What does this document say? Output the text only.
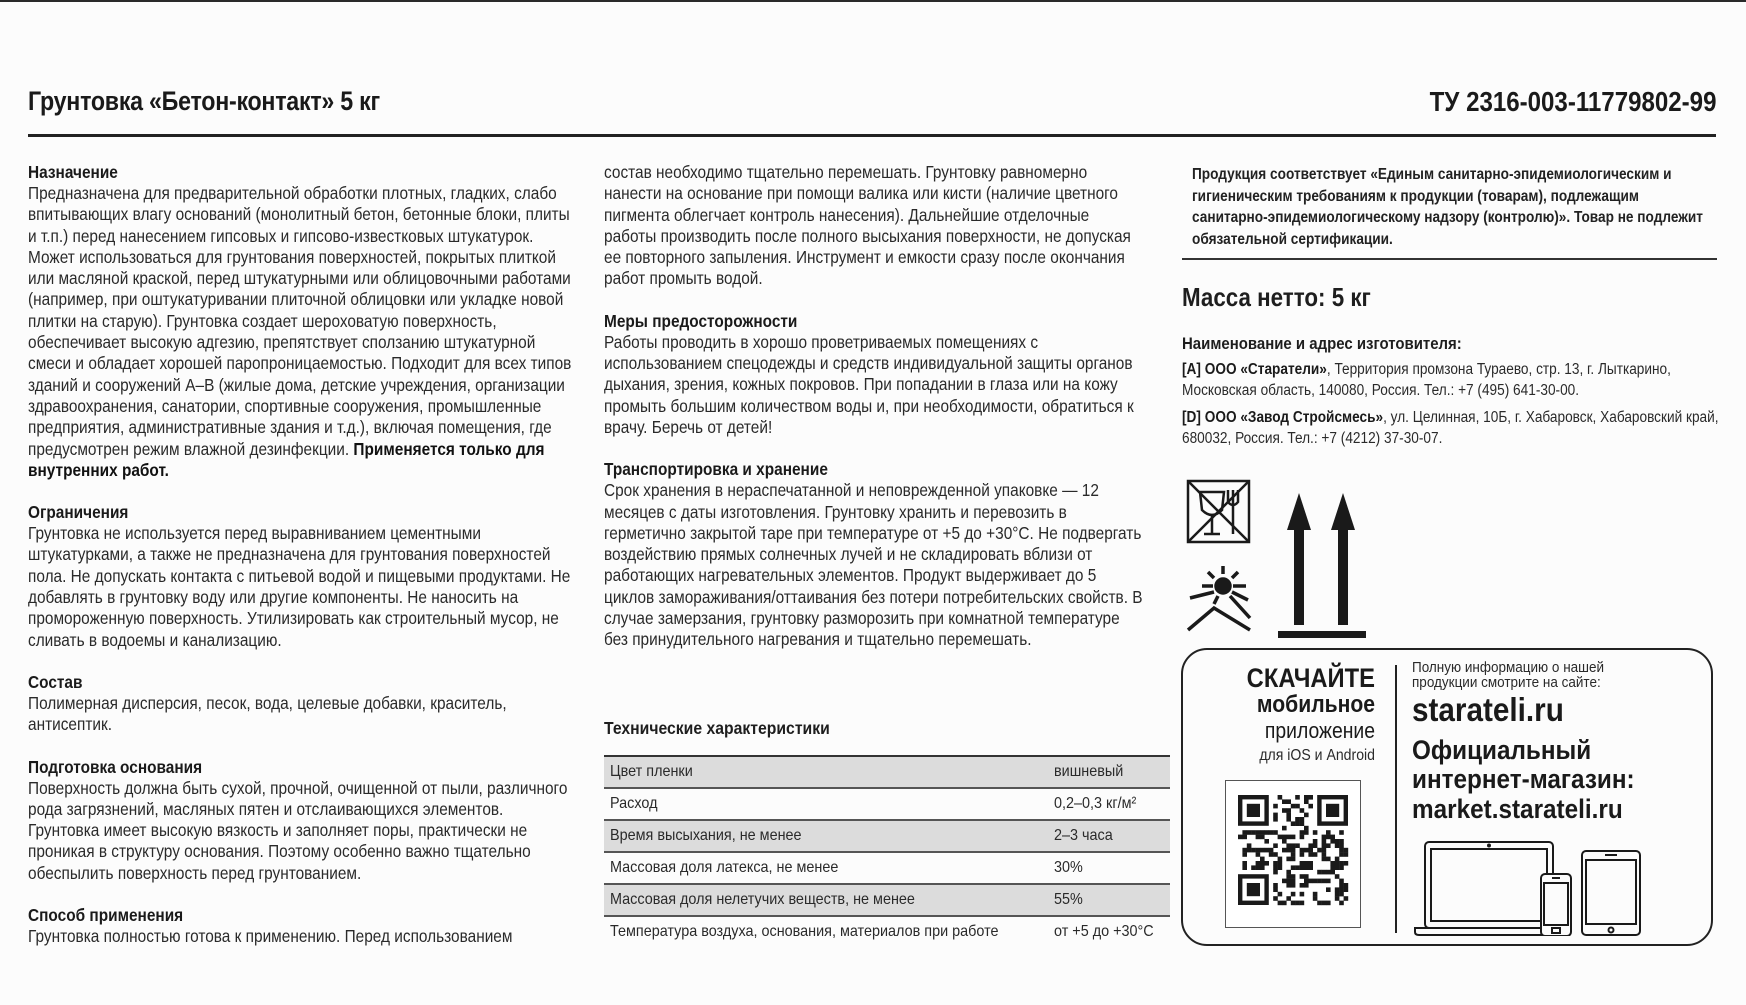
Грунтовка «Бетон-контакт» 5 кг	ТУ 2316-003-11779802-99
Назначение

Предназначена для предварительной обработки плотных, гладких, слабо впитывающих влагу оснований (монолитный бетон, бетонные блоки, плиты и т.п.) перед нанесением гипсовых и гипсово-известковых штукатурок. Может использоваться для грунтования поверхностей, покрытых плиткой или масляной краской, перед штукатурными или облицовочными работами (например, при оштукатуривании плиточной облицовки или укладке новой плитки на старую). Грунтовка создает шероховатую поверхность, обеспечивает высокую адгезию, препятствует сползанию штукатурной смеси и обладает хорошей паропроницаемостью. Подходит для всех типов зданий и сооружений А–В (жилые дома, детские учреждения, организации здравоохранения, санатории, спортивные сооружения, промышленные предприятия, административные здания и т.д.), включая помещения, где предусмотрен режим влажной дезинфекции. Применяется только для внутренних работ.

Ограничения

Грунтовка не используется перед выравниванием цементными штукатурками, а также не предназначена для грунтования поверхностей пола. Не допускать контакта с питьевой водой и пищевыми продуктами. Не добавлять в грунтовку воду или другие компоненты. Не наносить на промороженную поверхность. Утилизировать как строительный мусор, не сливать в водоемы и канализацию.

Состав

Полимерная дисперсия, песок, вода, целевые добавки, краситель, антисептик.

Подготовка основания

Поверхность должна быть сухой, прочной, очищенной от пыли, различного рода загрязнений, масляных пятен и отслаивающихся элементов. Грунтовка имеет высокую вязкость и заполняет поры, практически не проникая в структуру основания. Поэтому особенно важно тщательно обеспылить поверхность перед грунтованием.

Способ применения

Грунтовка полностью готова к применению. Перед использованием

состав необходимо тщательно перемешать. Грунтовку равномерно нанести на основание при помощи валика или кисти (наличие цветного пигмента облегчает контроль нанесения). Дальнейшие отделочные работы производить после полного высыхания поверхности, не допуская ее повторного запыления. Инструмент и емкости сразу после окончания работ промыть водой.

Меры предосторожности

Работы проводить в хорошо проветриваемых помещениях с использованием спецодежды и средств индивидуальной защиты органов дыхания, зрения, кожных покровов. При попадании в глаза или на кожу промыть большим количеством воды и, при необходимости, обратиться к врачу. Беречь от детей!

Транспортировка и хранение

Срок хранения в нераспечатанной и неповрежденной упаковке — 12 месяцев с даты изготовления. Грунтовку хранить и перевозить в герметично закрытой таре при температуре от +5 до +30°С. Не подвергать воздействию прямых солнечных лучей и не складировать вблизи от работающих нагревательных элементов. Продукт выдерживает до 5 циклов замораживания/оттаивания без потери потребительских свойств. В случае замерзания, грунтовку разморозить при комнатной температуре без принудительного нагревания и тщательно перемешать.

Технические характеристики
Цвет пленки	вишневый
Расход	0,2–0,3 кг/м²
Время высыхания, не менее	2–3 часа
Массовая доля латекса, не менее	30%
Массовая доля нелетучих веществ, не менее	55%
Температура воздуха, основания, материалов при работе	от +5 до +30°С

Продукция соответствует «Единым санитарно-эпидемиологическим и гигиеническим требованиям к продукции (товарам), подлежащим санитарно-эпидемиологическому надзору (контролю)». Товар не подлежит обязательной сертификации.

Масса нетто: 5 кг
Наименование и адрес изготовителя:

[A] ООО «Старатели», Территория промзона Тураево, стр. 13, г. Лыткарино, Московская область, 140080, Россия. Тел.: +7 (495) 641-30-00.

[D] ООО «Завод Стройсмесь», ул. Целинная, 10Б, г. Хабаровск, Хабаровский край, 680032, Россия. Тел.: +7 (4212) 37-30-07.

СКАЧАЙТЕ
мобильное
приложение
для iOS и Android
Полную информацию о нашей
продукции смотрите на сайте:
starateli.ru
Официальный
интернет-магазин:
market.starateli.ru
